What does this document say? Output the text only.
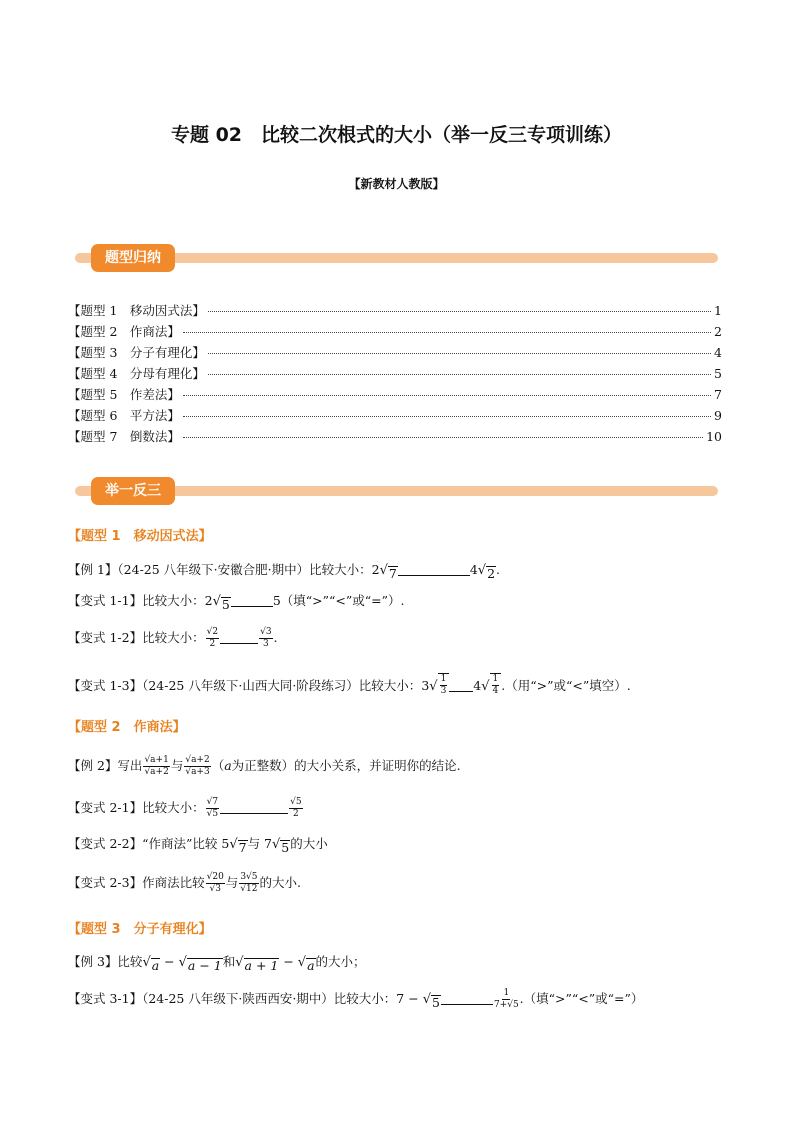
专题 02　比较二次根式的大小（举一反三专项训练）
【新教材人教版】
题型归纳
【题型 1　移动因式法】	1
【题型 2　作商法】	2
【题型 3　分子有理化】	4
【题型 4　分母有理化】	5
【题型 5　作差法】	7
【题型 6　平方法】	9
【题型 7　倒数法】	10
举一反三
【题型 1　移动因式法】
【例 1】（24-25 八年级下·安徽合肥·期中）比较大小：2 √ 7	4 √ 2 .
【变式 1-1】比较大小：2 √ 5	5（填“>”“<”或“=”）.
【变式 1-2】比较大小： $\frac{√2}{2}$	$\frac{√3}{3}$ .
【变式 1-3】（24-25 八年级下·山西大同·阶段练习）比较大小：3 √ $\frac{1}{3} 4$ √ $\frac{1}{4}$ .（用“>”或“<”填空）.
【题型 2　作商法】
【例 2】写出 $\frac{√a+1}{√a+2}$ 与 $\frac{√a+2}{√a+3} (a$为正整数）的大小关系，并证明你的结论.
【变式 2-1】比较大小： $\frac{√7}{√5}$	$\frac{√5}{2}$
【变式 2-2】“作商法”比较 5 √ 7 与 7 √ 5 的大小
【变式 2-3】作商法比较 $\frac{√20}{√3}$ 与 $\frac{3√5}{√12}$ 的大小.
【题型 3　分子有理化】
【例 3】比较 √ a − √ a − 1 和 √ a + 1 − √ a 的大小；
【变式 3-1】（24-25 八年级下·陕西西安·期中）比较大小：7 − √ 5	$\frac{1}{7+√5}$ .（填“>”“<”或“=”）
